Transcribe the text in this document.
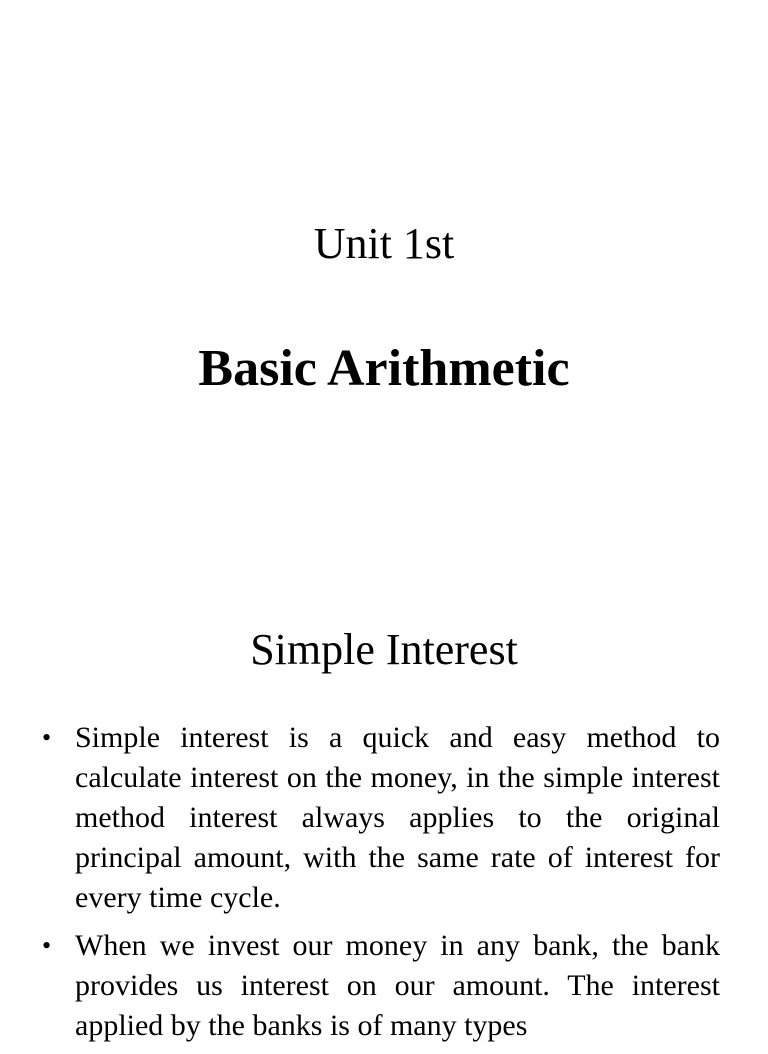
Unit 1st
Basic Arithmetic
Simple Interest
• Simple interest is a quick and easy method to calculate interest on the money, in the simple interest method interest always applies to the original principal amount, with the same rate of interest for every time cycle.
• When we invest our money in any bank, the bank provides us interest on our amount. The interest applied by the banks is of many types
